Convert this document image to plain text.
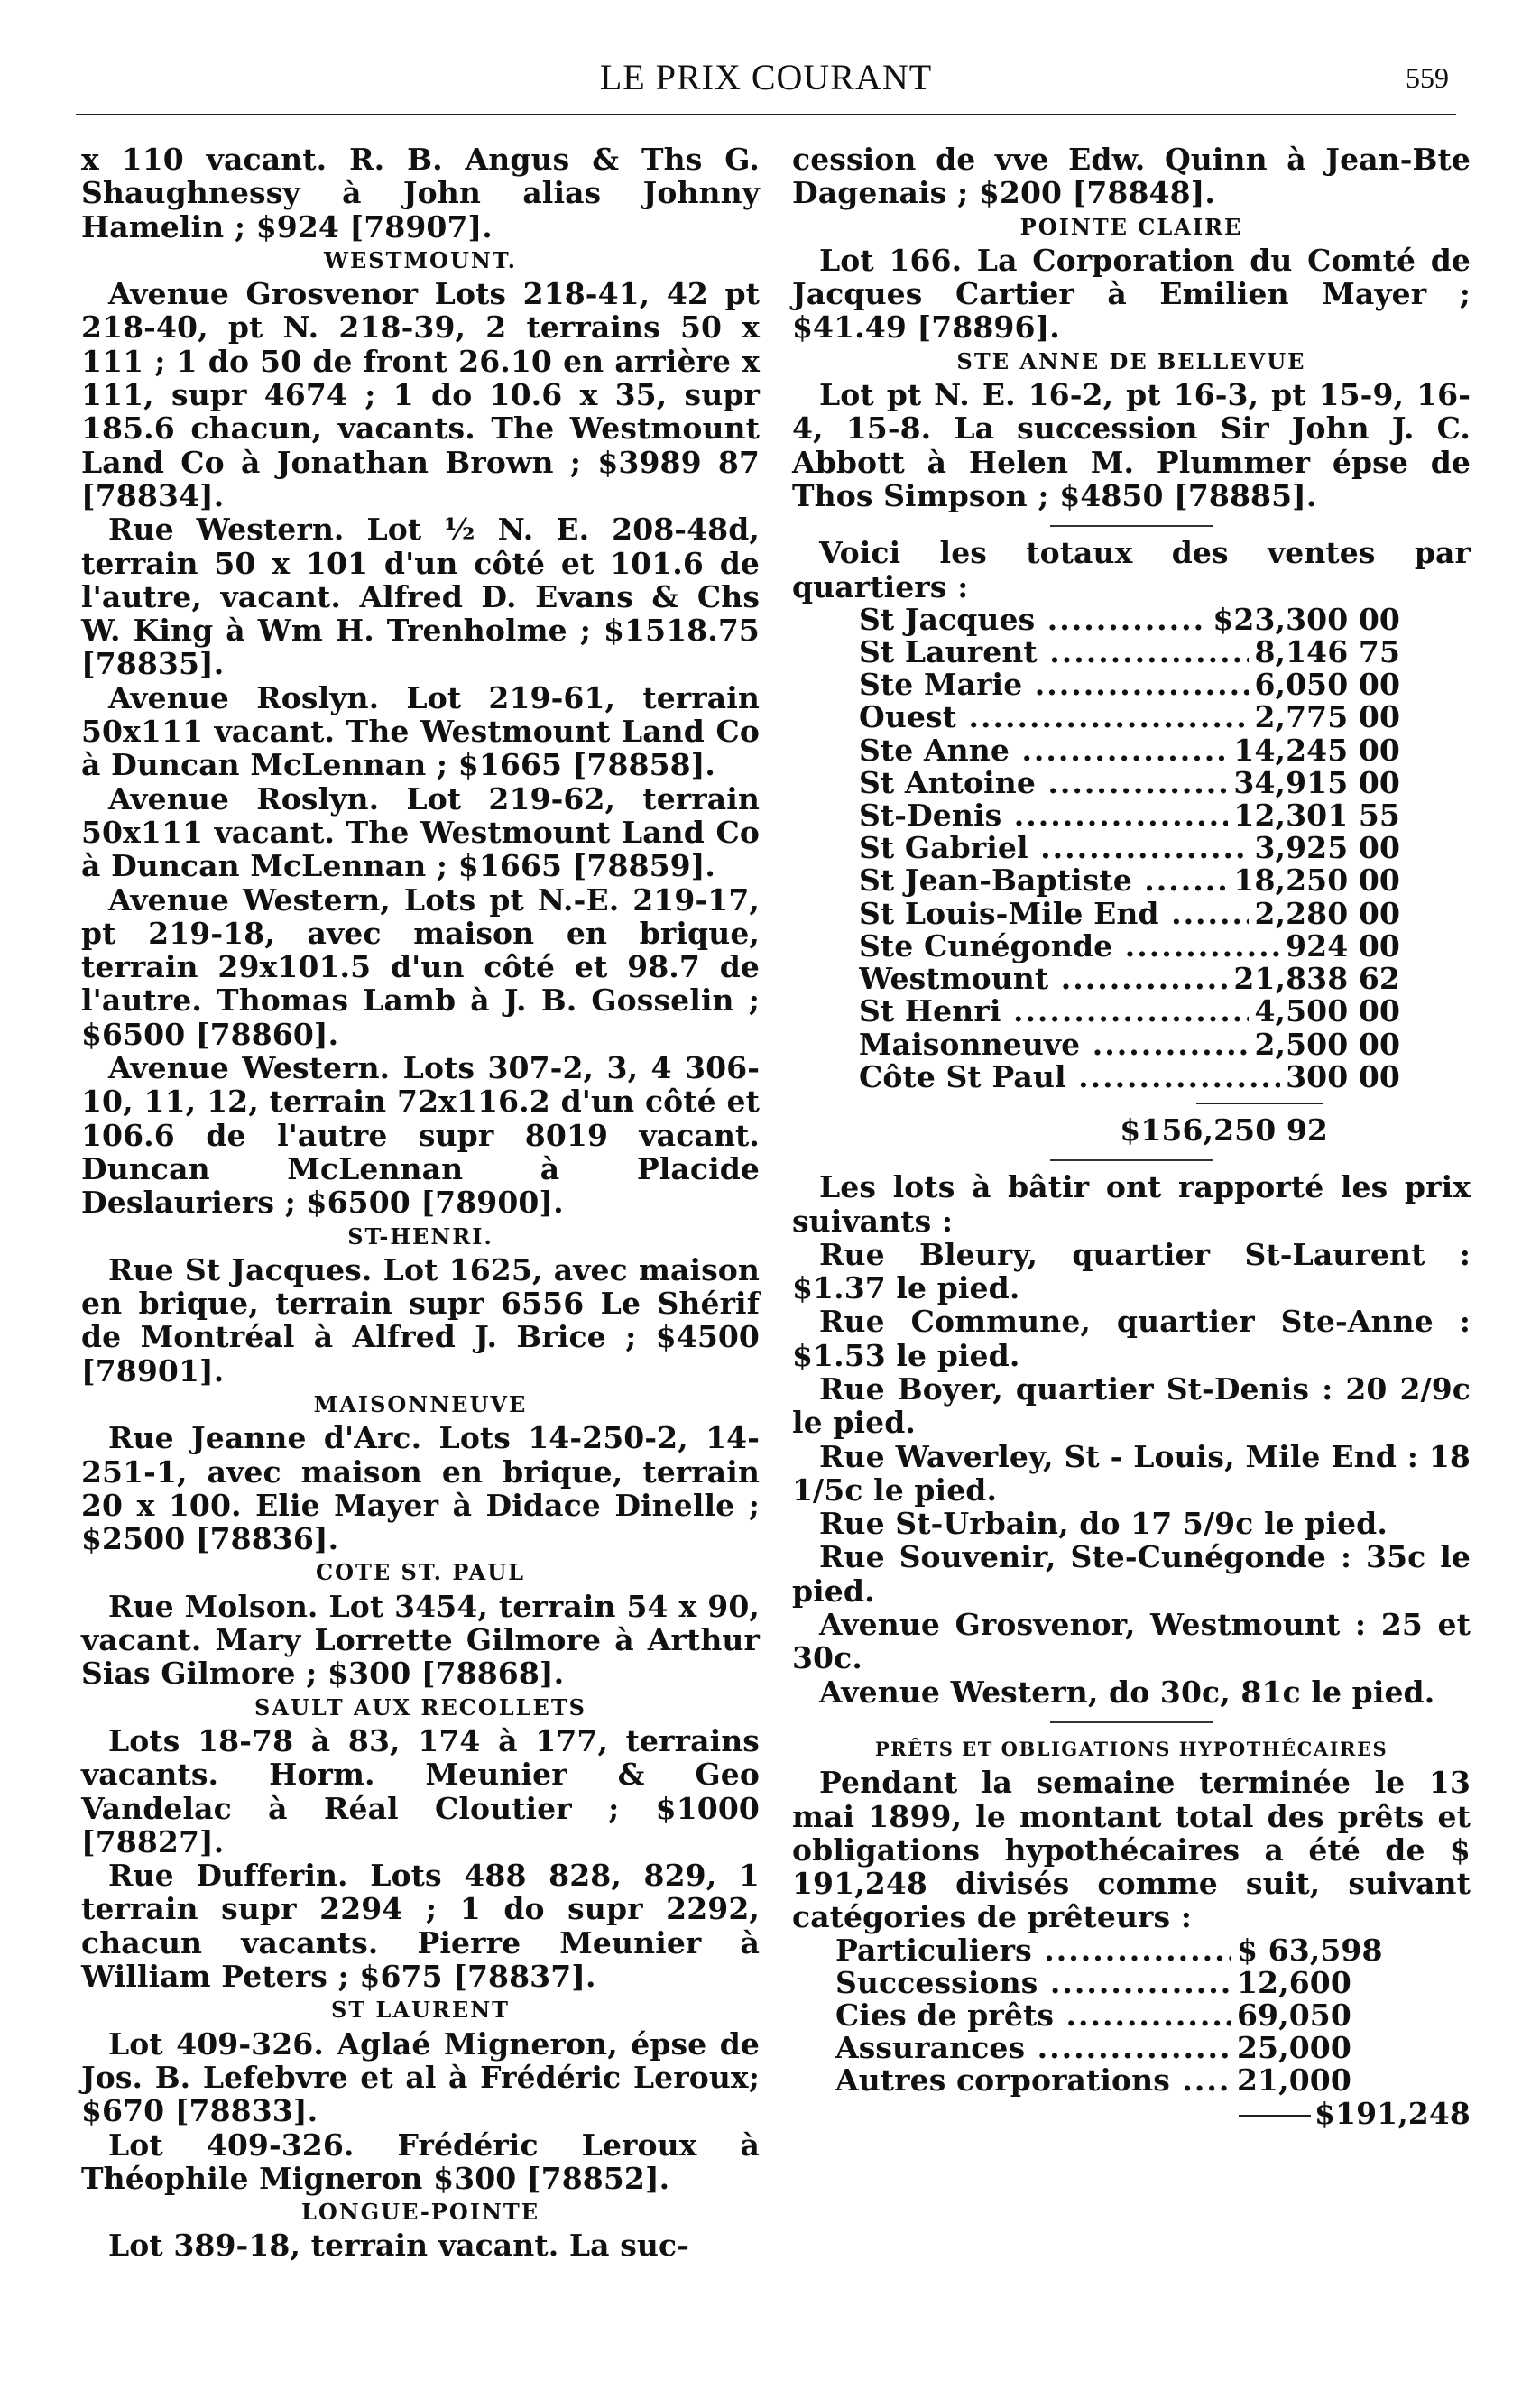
LE PRIX COURANT	559

x 110 vacant. R. B. Angus & Ths G. Shaughnessy à John alias Johnny Hamelin ; $924 [78907].

WESTMOUNT.

Avenue Grosvenor Lots 218-41, 42 pt 218-40, pt N. 218-39, 2 terrains 50 x 111 ; 1 do 50 de front 26.10 en arrière x 111, supr 4674 ; 1 do 10.6 x 35, supr 185.6 chacun, vacants. The Westmount Land Co à Jonathan Brown ; $3989 87 [78834].

Rue Western. Lot ½ N. E. 208-48d, terrain 50 x 101 d'un côté et 101.6 de l'autre, vacant. Alfred D. Evans & Chs W. King à Wm H. Trenholme ; $1518.75 [78835].

Avenue Roslyn. Lot 219-61, terrain 50x111 vacant. The Westmount Land Co à Duncan McLennan ; $1665 [78858].

Avenue Roslyn. Lot 219-62, terrain 50x111 vacant. The Westmount Land Co à Duncan McLennan ; $1665 [78859].

Avenue Western, Lots pt N.-E. 219-17, pt 219-18, avec maison en brique, terrain 29x101.5 d'un côté et 98.7 de l'autre. Thomas Lamb à J. B. Gosselin ; $6500 [78860].

Avenue Western. Lots 307-2, 3, 4 306-10, 11, 12, terrain 72x116.2 d'un côté et 106.6 de l'autre supr 8019 vacant. Duncan McLennan à Placide Deslauriers ; $6500 [78900].

ST-HENRI.

Rue St Jacques. Lot 1625, avec maison en brique, terrain supr 6556 Le Shérif de Montréal à Alfred J. Brice ; $4500 [78901].

MAISONNEUVE

Rue Jeanne d'Arc. Lots 14-250-2, 14-251-1, avec maison en brique, terrain 20 x 100. Elie Mayer à Didace Dinelle ; $2500 [78836].

COTE ST. PAUL

Rue Molson. Lot 3454, terrain 54 x 90, vacant. Mary Lorrette Gilmore à Arthur Sias Gilmore ; $300 [78868].

SAULT AUX RECOLLETS

Lots 18-78 à 83, 174 à 177, terrains vacants. Horm. Meunier & Geo Vandelac à Réal Cloutier ; $1000 [78827].

Rue Dufferin. Lots 488 828, 829, 1 terrain supr 2294 ; 1 do supr 2292, chacun vacants. Pierre Meunier à William Peters ; $675 [78837].

ST LAURENT

Lot 409-326. Aglaé Migneron, épse de Jos. B. Lefebvre et al à Frédéric Leroux; $670 [78833].

Lot 409-326. Frédéric Leroux à Théophile Migneron $300 [78852].

LONGUE-POINTE

Lot 389-18, terrain vacant. La suc-

cession de vve Edw. Quinn à Jean-Bte Dagenais ; $200 [78848].

POINTE CLAIRE

Lot 166. La Corporation du Comté de Jacques Cartier à Emilien Mayer ; $41.49 [78896].

STE ANNE DE BELLEVUE

Lot pt N. E. 16-2, pt 16-3, pt 15-9, 16-4, 15-8. La succession Sir John J. C. Abbott à Helen M. Plummer épse de Thos Simpson ; $4850 [78885].

Voici les totaux des ventes par quartiers :

St Jacques .....	$23,300 00
St Laurent .....	8,146 75
Ste Marie .....	6,050 00
Ouest .....	2,775 00
Ste Anne .....	14,245 00
St Antoine .....	34,915 00
St-Denis .....	12,301 55
St Gabriel .....	3,925 00
St Jean-Baptiste .....	18,250 00
St Louis-Mile End .....	2,280 00
Ste Cunégonde .....	924 00
Westmount .....	21,838 62
St Henri .....	4,500 00
Maisonneuve .....	2,500 00
Côte St Paul .....	300 00
$156,250 92

Les lots à bâtir ont rapporté les prix suivants :

Rue Bleury, quartier St-Laurent : $1.37 le pied.

Rue Commune, quartier Ste-Anne : $1.53 le pied.

Rue Boyer, quartier St-Denis : 20 2/9c le pied.

Rue Waverley, St - Louis, Mile End : 18 1/5c le pied.

Rue St-Urbain, do 17 5/9c le pied.

Rue Souvenir, Ste-Cunégonde : 35c le pied.

Avenue Grosvenor, Westmount : 25 et 30c.

Avenue Western, do 30c, 81c le pied.

PRÊTS ET OBLIGATIONS HYPOTHÉCAIRES

Pendant la semaine terminée le 13 mai 1899, le montant total des prêts et obligations hypothécaires a été de $ 191,248 divisés comme suit, suivant catégories de prêteurs :

Particuliers .....	$ 63,598
Successions .....	12,600
Cies de prêts .....	69,050
Assurances .....	25,000
Autres corporations .....	21,000
$191,248
